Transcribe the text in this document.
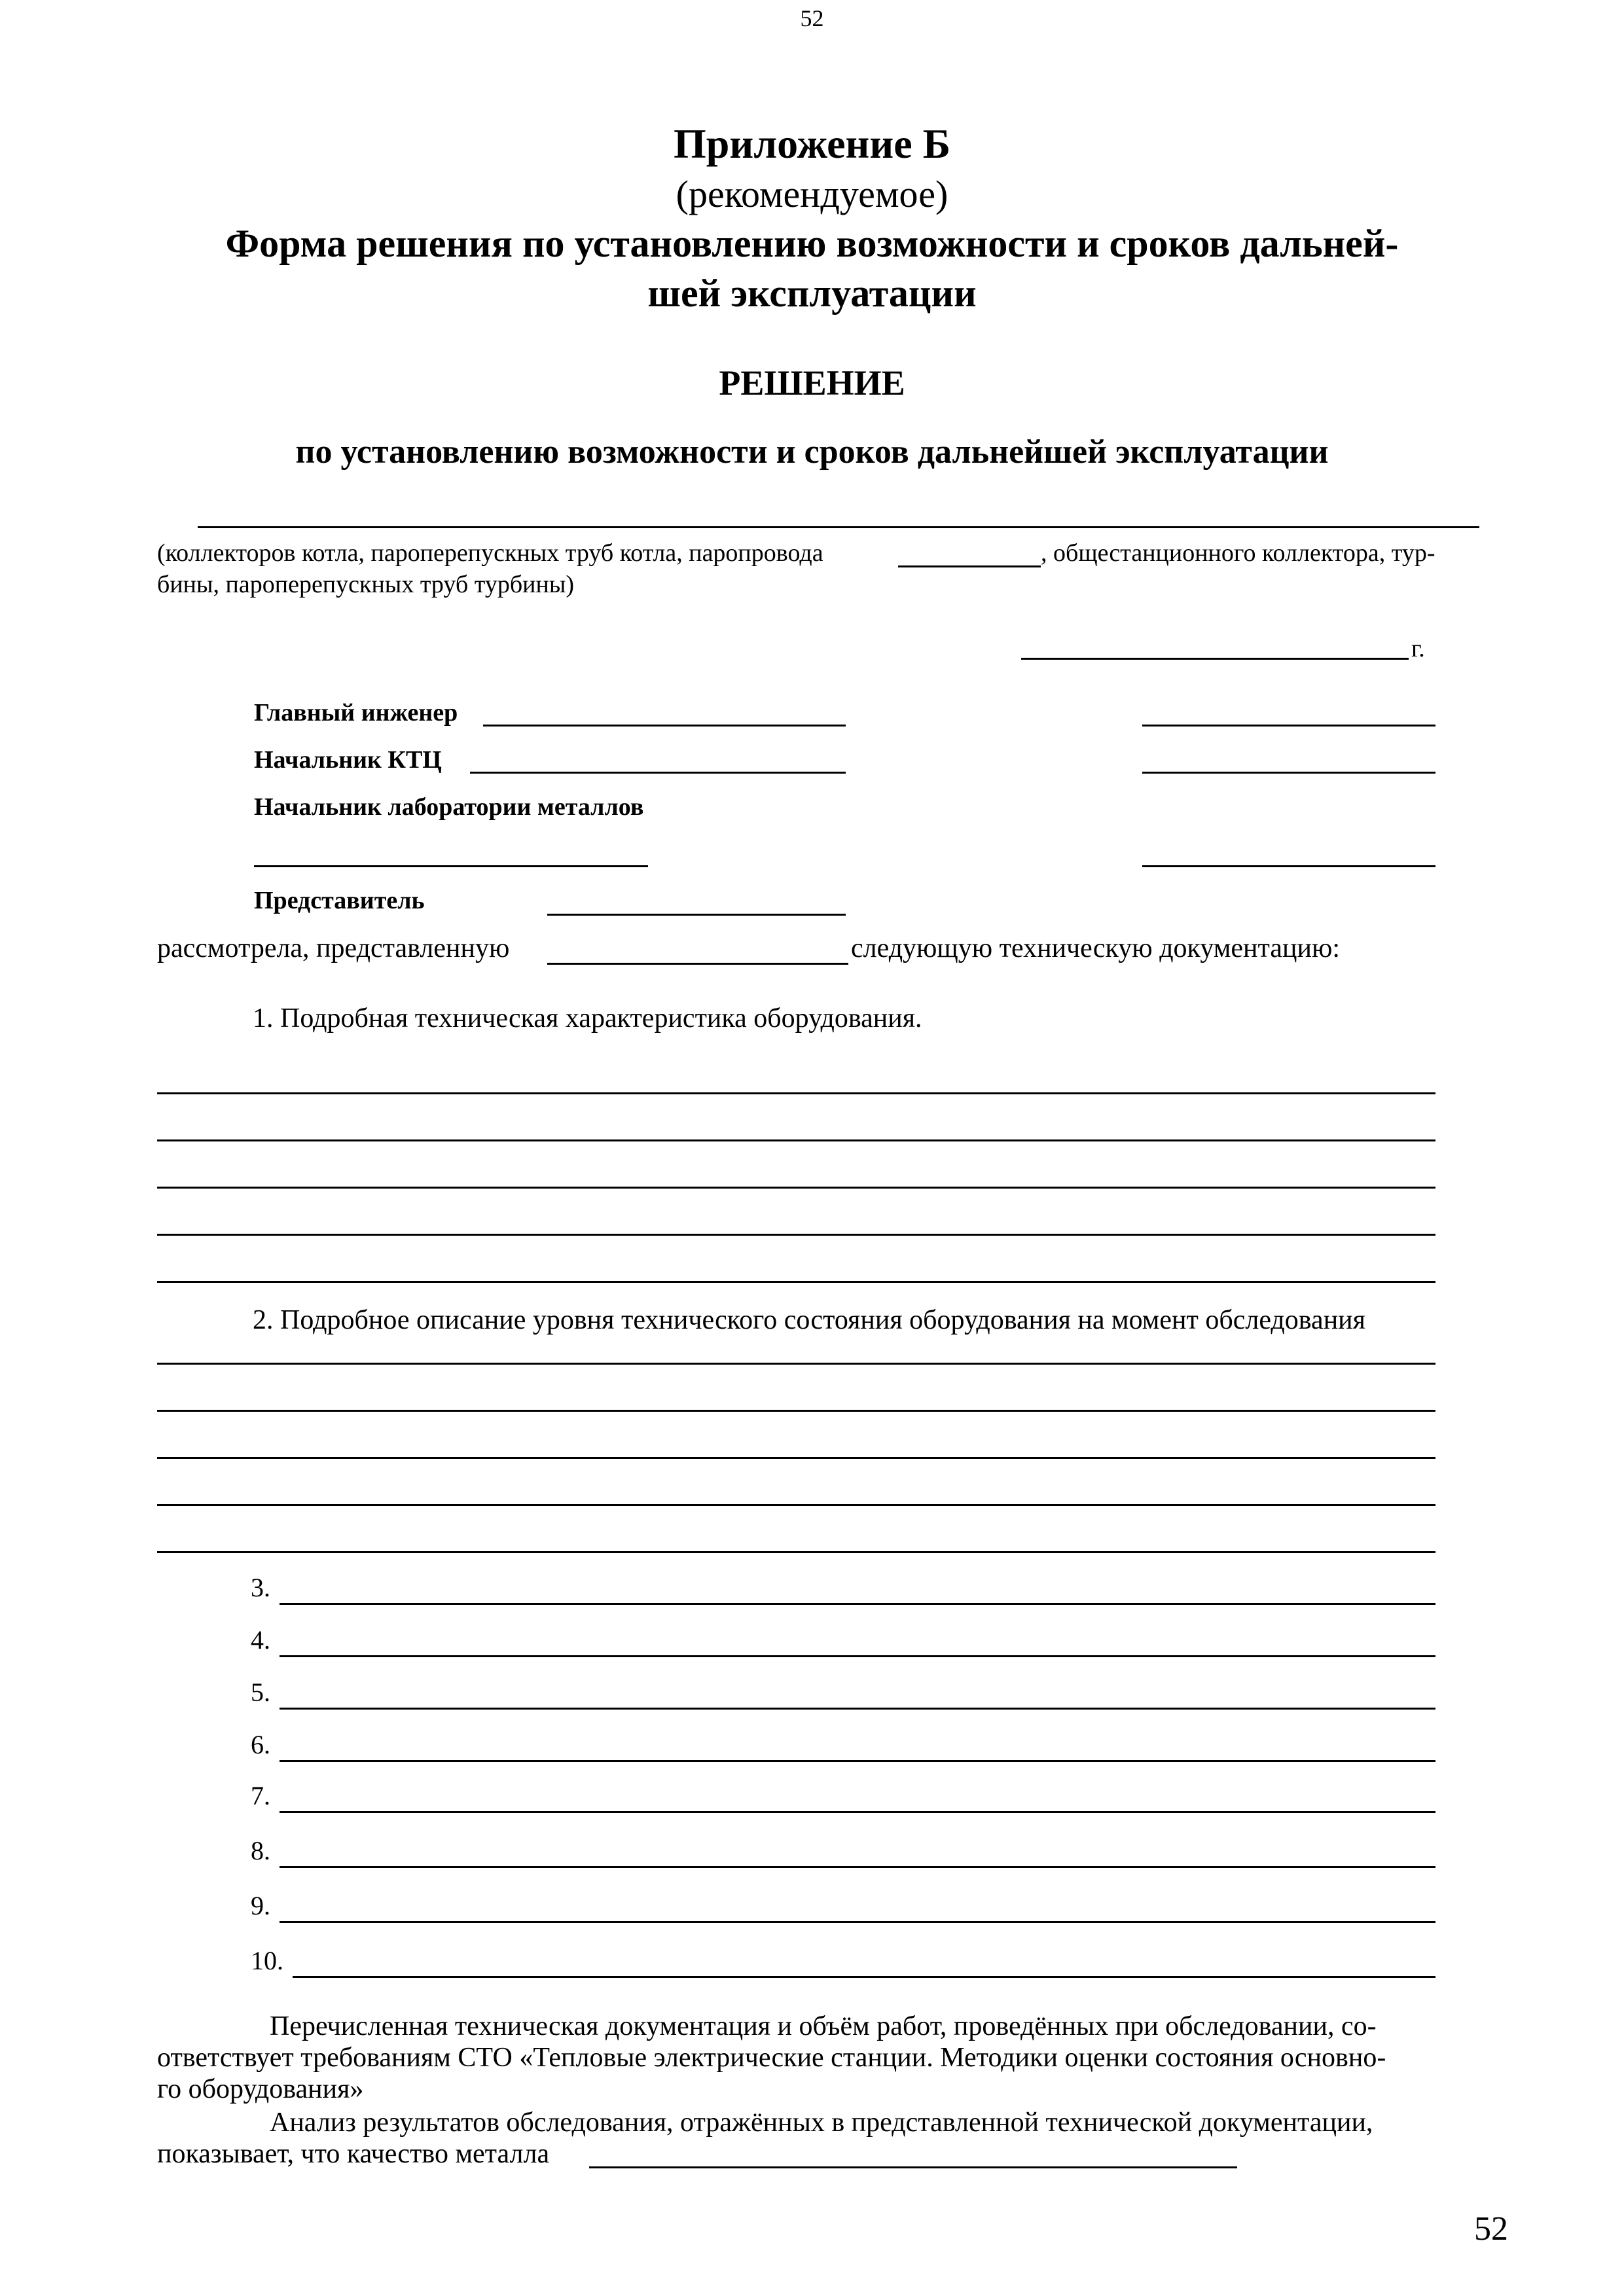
52
Приложение Б
(рекомендуемое)
Форма решения по установлению возможности и сроков дальней-
шей эксплуатации
РЕШЕНИЕ
по установлению возможности и сроков дальнейшей эксплуатации
(коллекторов котла, пароперепускных труб котла, паропровода	, общестанционного коллектора, тур-
бины, пароперепускных труб турбины)
г.
Главный инженер
Начальник КТЦ
Начальник лаборатории металлов
Представитель
рассмотрела, представленную	следующую техническую документацию:
1. Подробная техническая характеристика оборудования.
2. Подробное описание уровня технического состояния оборудования на момент обследования
3.
4.
5.
6.
7.
8.
9.
10.
Перечисленная техническая документация и объём работ, проведённых при обследовании, со-
ответствует требованиям СТО «Тепловые электрические станции. Методики оценки состояния основно-
го оборудования»
Анализ результатов обследования, отражённых в представленной технической документации,
показывает, что качество металла
52
